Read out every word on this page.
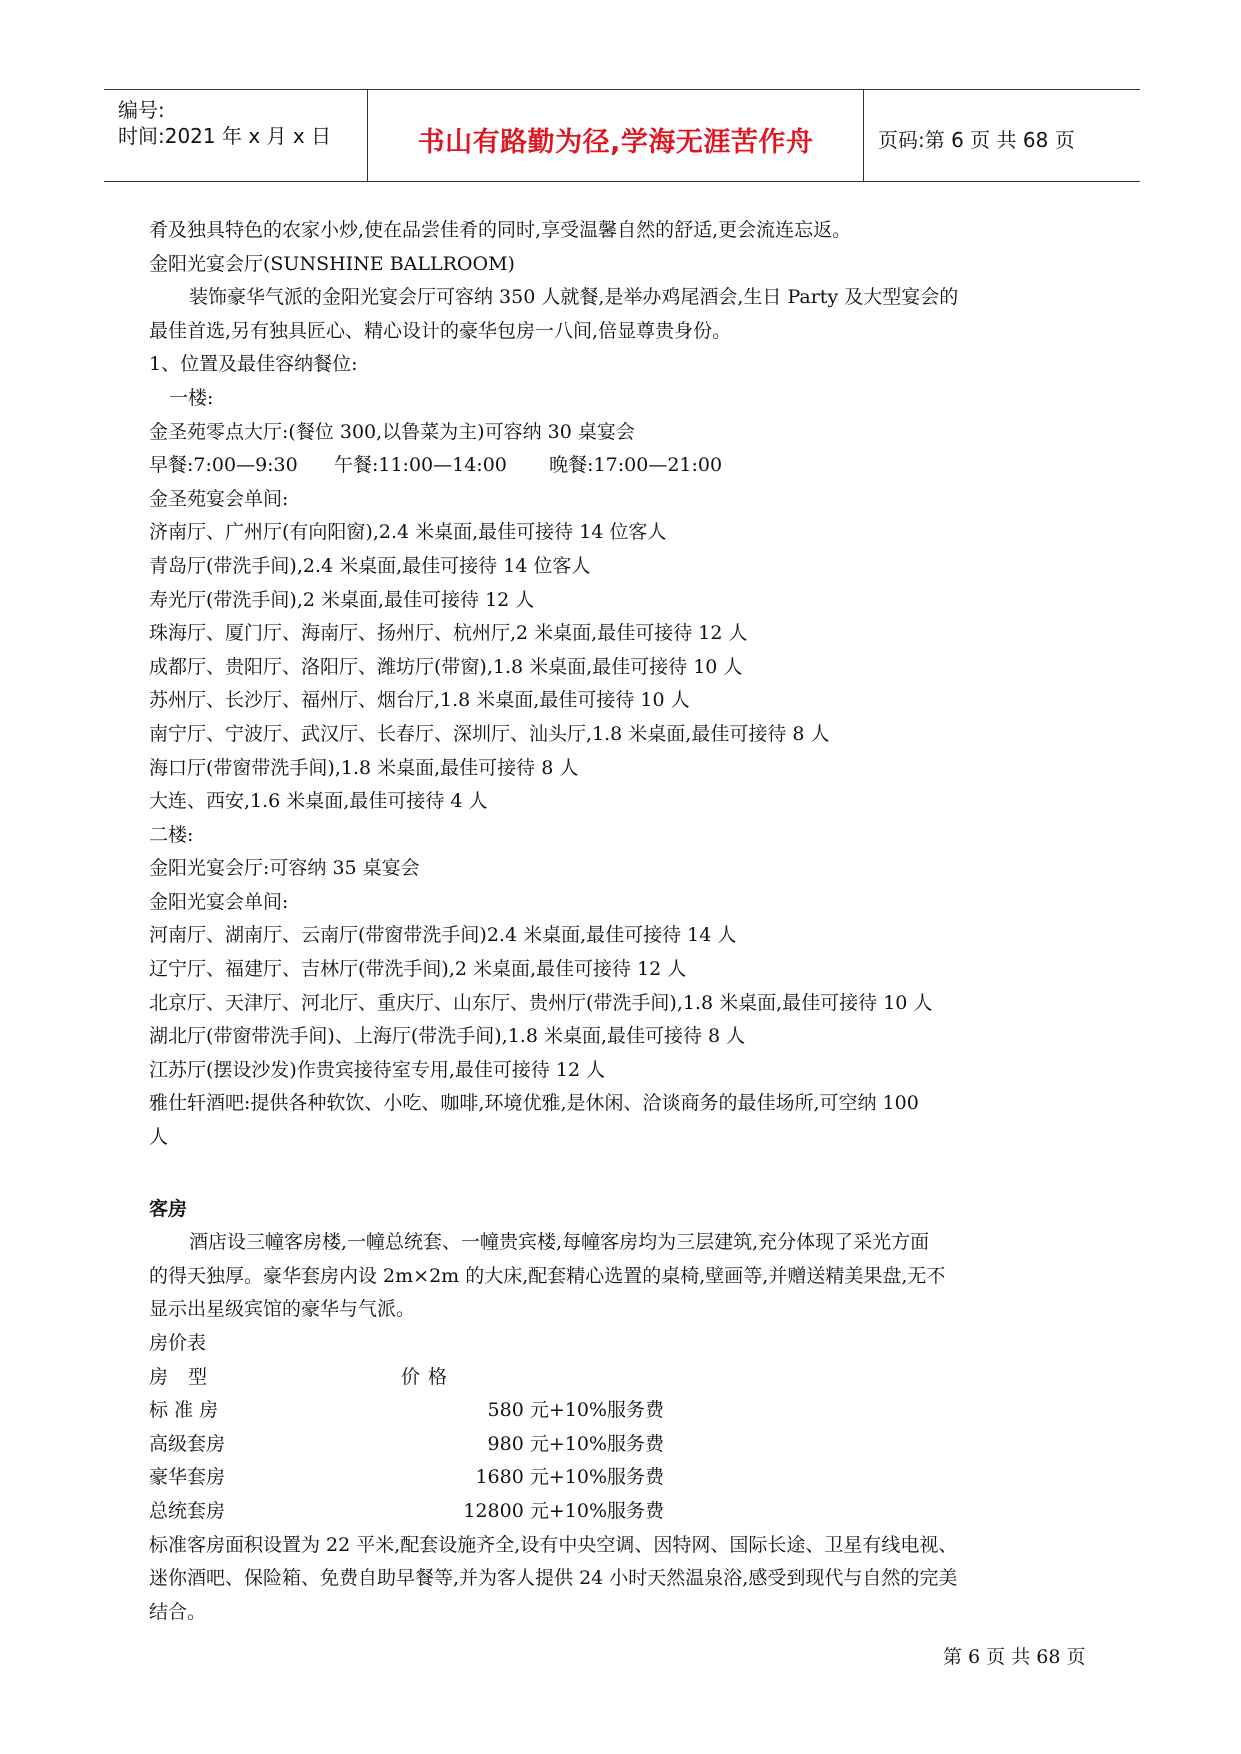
编号:
时间:2021 年 x 月 x 日	书山有路勤为径,学海无涯苦作舟	页码:第 6 页 共 68 页
肴及独具特色的农家小炒,使在品尝佳肴的同时,享受温馨自然的舒适,更会流连忘返。
金阳光宴会厅(SUNSHINE BALLROOM)
装饰豪华气派的金阳光宴会厅可容纳 350 人就餐,是举办鸡尾酒会,生日 Party 及大型宴会的
最佳首选,另有独具匠心、精心设计的豪华包房一八间,倍显尊贵身份。
1、位置及最佳容纳餐位:
一楼:
金圣苑零点大厅:(餐位 300,以鲁菜为主)可容纳 30 桌宴会
早餐:7:00—9:30      午餐:11:00—14:00       晚餐:17:00—21:00
金圣苑宴会单间:
济南厅、广州厅(有向阳窗),2.4 米桌面,最佳可接待 14 位客人
青岛厅(带洗手间),2.4 米桌面,最佳可接待 14 位客人
寿光厅(带洗手间),2 米桌面,最佳可接待 12 人
珠海厅、厦门厅、海南厅、扬州厅、杭州厅,2 米桌面,最佳可接待 12 人
成都厅、贵阳厅、洛阳厅、潍坊厅(带窗),1.8 米桌面,最佳可接待 10 人
苏州厅、长沙厅、福州厅、烟台厅,1.8 米桌面,最佳可接待 10 人
南宁厅、宁波厅、武汉厅、长春厅、深圳厅、汕头厅,1.8 米桌面,最佳可接待 8 人
海口厅(带窗带洗手间),1.8 米桌面,最佳可接待 8 人
大连、西安,1.6 米桌面,最佳可接待 4 人
二楼:
金阳光宴会厅:可容纳 35 桌宴会
金阳光宴会单间:
河南厅、湖南厅、云南厅(带窗带洗手间)2.4 米桌面,最佳可接待 14 人
辽宁厅、福建厅、吉林厅(带洗手间),2 米桌面,最佳可接待 12 人
北京厅、天津厅、河北厅、重庆厅、山东厅、贵州厅(带洗手间),1.8 米桌面,最佳可接待 10 人
湖北厅(带窗带洗手间)、上海厅(带洗手间),1.8 米桌面,最佳可接待 8 人
江苏厅(摆设沙发)作贵宾接待室专用,最佳可接待 12 人
雅仕轩酒吧:提供各种软饮、小吃、咖啡,环境优雅,是休闲、洽谈商务的最佳场所,可空纳 100
人
客房
酒店设三幢客房楼,一幢总统套、一幢贵宾楼,每幢客房均为三层建筑,充分体现了采光方面
的得天独厚。豪华套房内设 2m×2m 的大床,配套精心选置的桌椅,壁画等,并赠送精美果盘,无不
显示出星级宾馆的豪华与气派。
房价表
房型	价格
标 准 房	580 元+10%服务费
高级套房	980 元+10%服务费
豪华套房	1680 元+10%服务费
总统套房	12800 元+10%服务费
标准客房面积设置为 22 平米,配套设施齐全,设有中央空调、因特网、国际长途、卫星有线电视、
迷你酒吧、保险箱、免费自助早餐等,并为客人提供 24 小时天然温泉浴,感受到现代与自然的完美
结合。
第 6 页 共 68 页
